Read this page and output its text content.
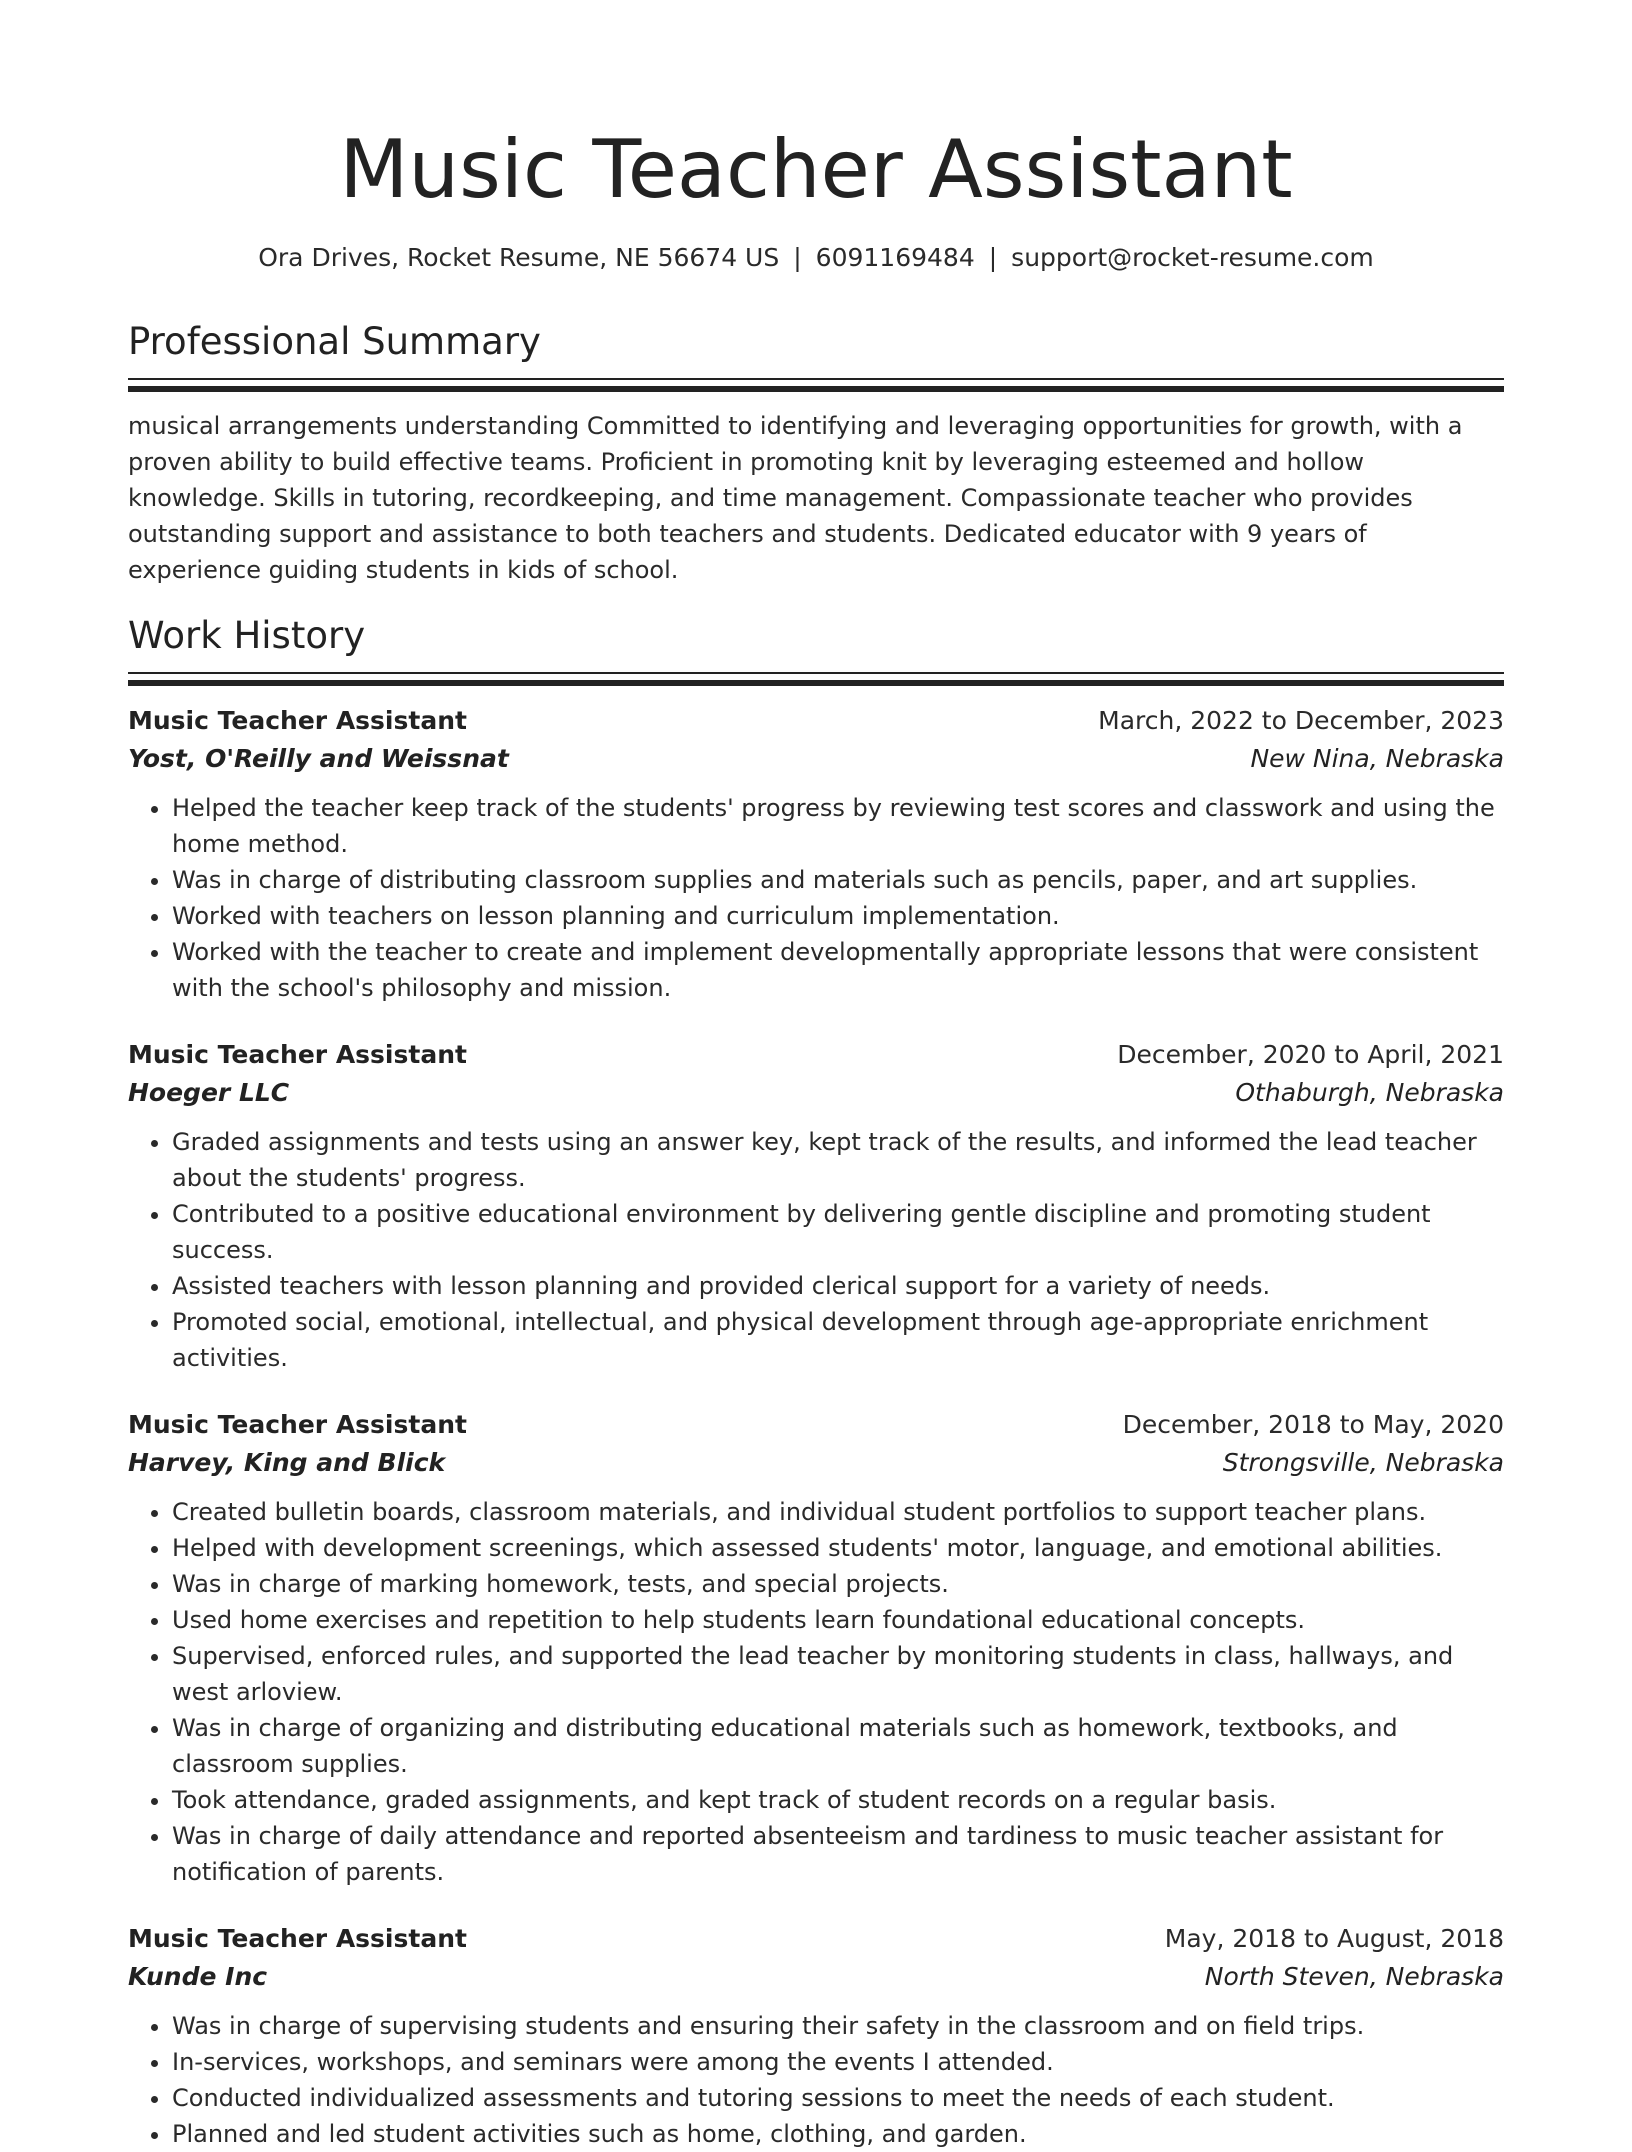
Music Teacher Assistant
Ora Drives, Rocket Resume, NE 56674 US | 6091169484 | support@rocket-resume.com
Professional Summary

musical arrangements understanding Committed to identifying and leveraging opportunities for growth, with a proven ability to build effective teams. Proficient in promoting knit by leveraging esteemed and hollow knowledge. Skills in tutoring, recordkeeping, and time management. Compassionate teacher who provides outstanding support and assistance to both teachers and students. Dedicated educator with 9 years of experience guiding students in kids of school.

Work History
Music Teacher Assistant	March, 2022 to December, 2023
Yost, O'Reilly and Weissnat	New Nina, Nebraska
• Helped the teacher keep track of the students' progress by reviewing test scores and classwork and using the home method.
• Was in charge of distributing classroom supplies and materials such as pencils, paper, and art supplies.
• Worked with teachers on lesson planning and curriculum implementation.
• Worked with the teacher to create and implement developmentally appropriate lessons that were consistent with the school's philosophy and mission.
Music Teacher Assistant	December, 2020 to April, 2021
Hoeger LLC	Othaburgh, Nebraska
• Graded assignments and tests using an answer key, kept track of the results, and informed the lead teacher about the students' progress.
• Contributed to a positive educational environment by delivering gentle discipline and promoting student success.
• Assisted teachers with lesson planning and provided clerical support for a variety of needs.
• Promoted social, emotional, intellectual, and physical development through age-appropriate enrichment activities.
Music Teacher Assistant	December, 2018 to May, 2020
Harvey, King and Blick	Strongsville, Nebraska
• Created bulletin boards, classroom materials, and individual student portfolios to support teacher plans.
• Helped with development screenings, which assessed students' motor, language, and emotional abilities.
• Was in charge of marking homework, tests, and special projects.
• Used home exercises and repetition to help students learn foundational educational concepts.
• Supervised, enforced rules, and supported the lead teacher by monitoring students in class, hallways, and west arloview.
• Was in charge of organizing and distributing educational materials such as homework, textbooks, and classroom supplies.
• Took attendance, graded assignments, and kept track of student records on a regular basis.
• Was in charge of daily attendance and reported absenteeism and tardiness to music teacher assistant for notification of parents.
Music Teacher Assistant	May, 2018 to August, 2018
Kunde Inc	North Steven, Nebraska
• Was in charge of supervising students and ensuring their safety in the classroom and on field trips.
• In-services, workshops, and seminars were among the events I attended.
• Conducted individualized assessments and tutoring sessions to meet the needs of each student.
• Planned and led student activities such as home, clothing, and garden.
